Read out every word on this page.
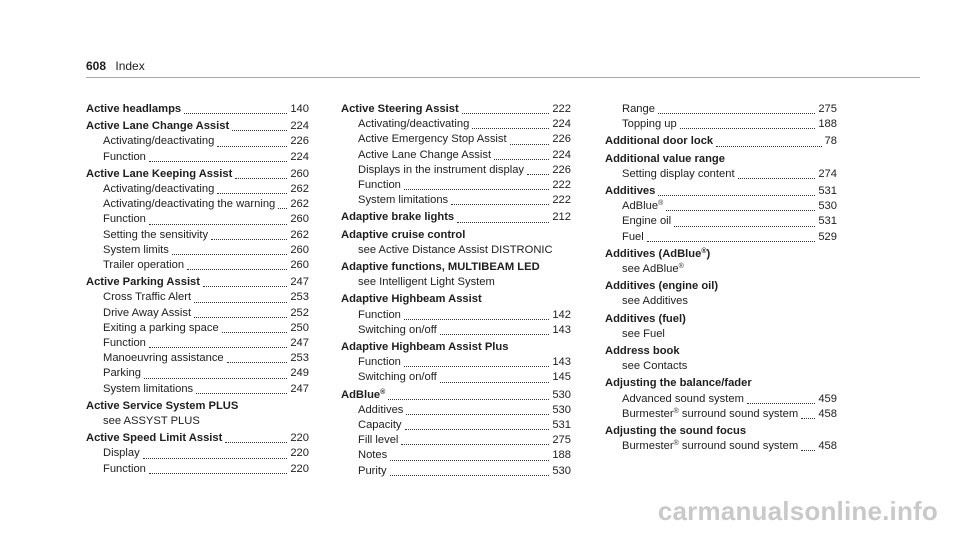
608 Index
Active headlamps	140
Active Lane Change Assist	224
Activating/deactivating	226
Function	224
Active Lane Keeping Assist	260
Activating/deactivating	262
Activating/deactivating the warning 262
Function	260
Setting the sensitivity	262
System limits	260
Trailer operation	260
Active Parking Assist	247
Cross Traffic Alert	253
Drive Away Assist	252
Exiting a parking space	250
Function	247
Manoeuvring assistance	253
Parking	249
System limitations	247
Active Service System PLUS
see ASSYST PLUS
Active Speed Limit Assist	220
Display	220
Function	220
Active Steering Assist	222
Activating/deactivating	224
Active Emergency Stop Assist	226
Active Lane Change Assist	224
Displays in the instrument display	226
Function	222
System limitations	222
Adaptive brake lights	212
Adaptive cruise control
see Active Distance Assist DISTRONIC
Adaptive functions, MULTIBEAM LED
see Intelligent Light System
Adaptive Highbeam Assist
Function	142
Switching on/off	143
Adaptive Highbeam Assist Plus
Function	143
Switching on/off	145
AdBlue®	530
Additives	530
Capacity	531
Fill level	275
Notes	188
Purity	530
Range	275
Topping up	188
Additional door lock	78
Additional value range
Setting display content	274
Additives	531
AdBlue®	530
Engine oil	531
Fuel	529
Additives (AdBlue®)
see AdBlue®
Additives (engine oil)
see Additives
Additives (fuel)
see Fuel
Address book
see Contacts
Adjusting the balance/fader
Advanced sound system	459
Burmester® surround sound system 458
Adjusting the sound focus
Burmester® surround sound system 458
carmanualsonline.info
